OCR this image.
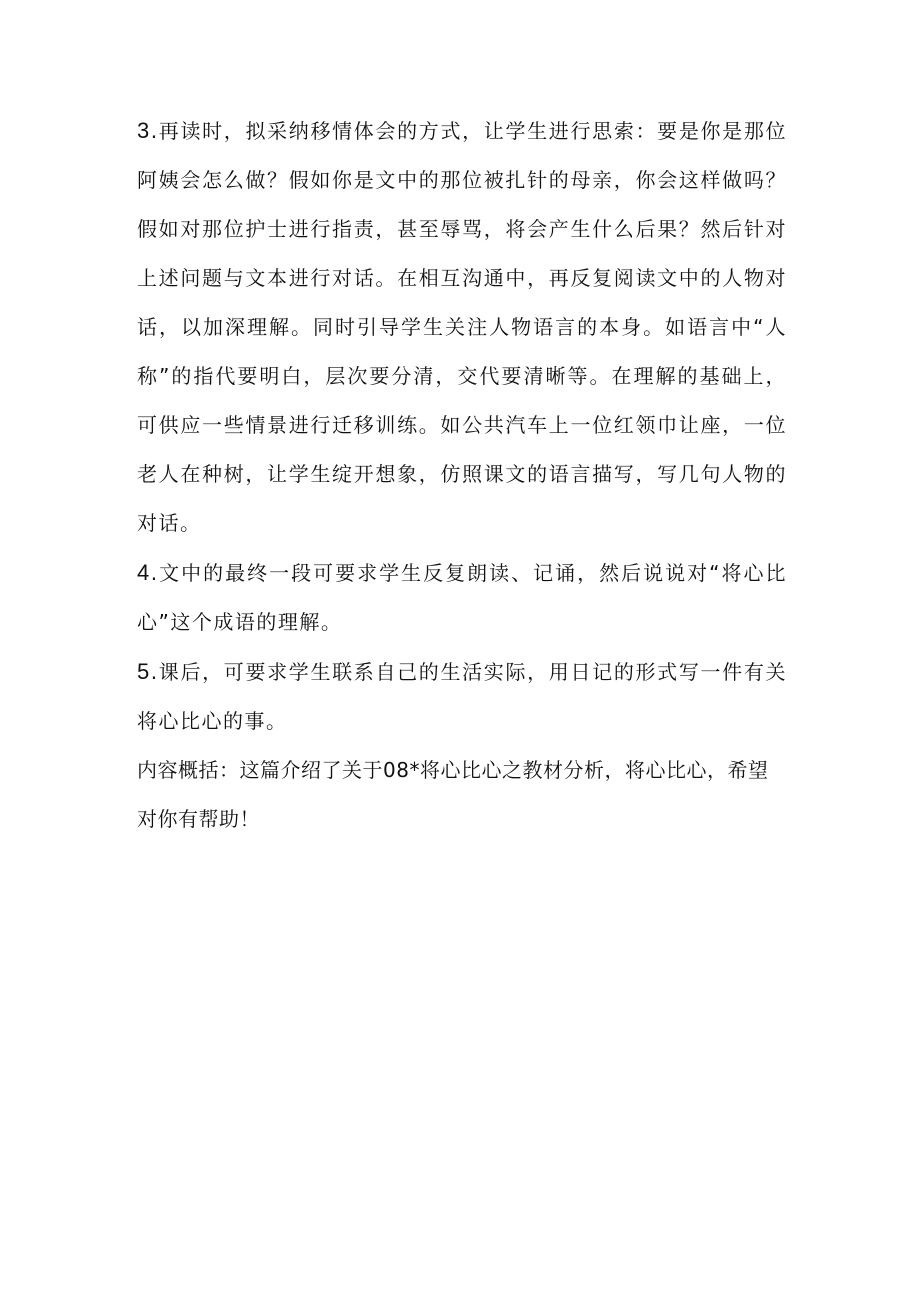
3.再读时，拟采纳移情体会的方式，让学生进行思索：要是你是那位阿姨会怎么做？假如你是文中的那位被扎针的母亲，你会这样做吗？假如对那位护士进行指责，甚至辱骂，将会产生什么后果？然后针对上述问题与文本进行对话。在相互沟通中，再反复阅读文中的人物对话，以加深理解。同时引导学生关注人物语言的本身。如语言中“人称”的指代要明白，层次要分清，交代要清晰等。在理解的基础上，可供应一些情景进行迁移训练。如公共汽车上一位红领巾让座，一位老人在种树，让学生绽开想象，仿照课文的语言描写，写几句人物的对话。

4.文中的最终一段可要求学生反复朗读、记诵，然后说说对“将心比心”这个成语的理解。

5.课后，可要求学生联系自己的生活实际，用日记的形式写一件有关将心比心的事。

内容概括：这篇介绍了关于08*将心比心之教材分析，将心比心，希望对你有帮助！
